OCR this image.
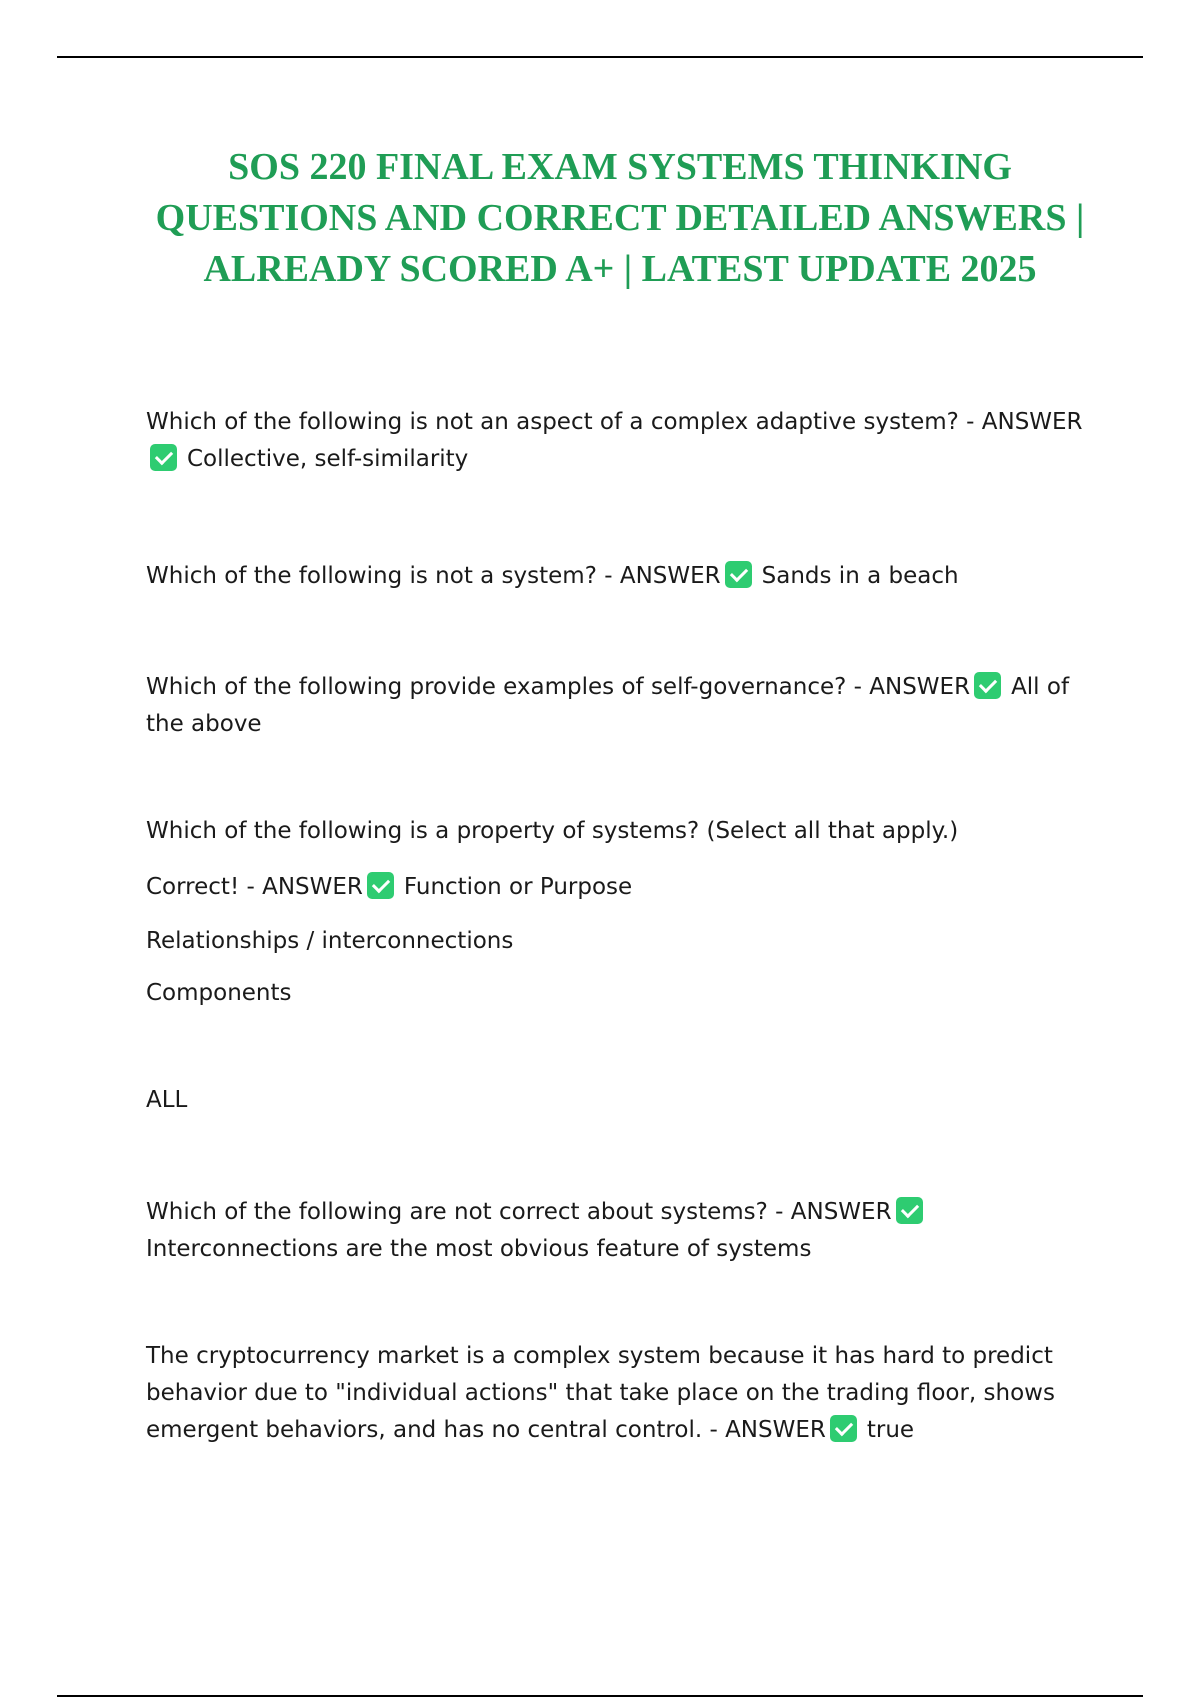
SOS 220 FINAL EXAM SYSTEMS THINKING QUESTIONS AND CORRECT DETAILED ANSWERS | ALREADY SCORED A+ | LATEST UPDATE 2025

Which of the following is not an aspect of a complex adaptive system? - ANSWERCollective, self-similarity

Which of the following is not a system? - ANSWER Sands in a beach

Which of the following provide examples of self-governance? - ANSWER All of the above

Which of the following is a property of systems? (Select all that apply.)

Correct! - ANSWER Function or Purpose

Relationships / interconnections

Components

ALL

Which of the following are not correct about systems? - ANSWERInterconnections are the most obvious feature of systems

The cryptocurrency market is a complex system because it has hard to predict behavior due to "individual actions" that take place on the trading floor, shows emergent behaviors, and has no central control. - ANSWER true
